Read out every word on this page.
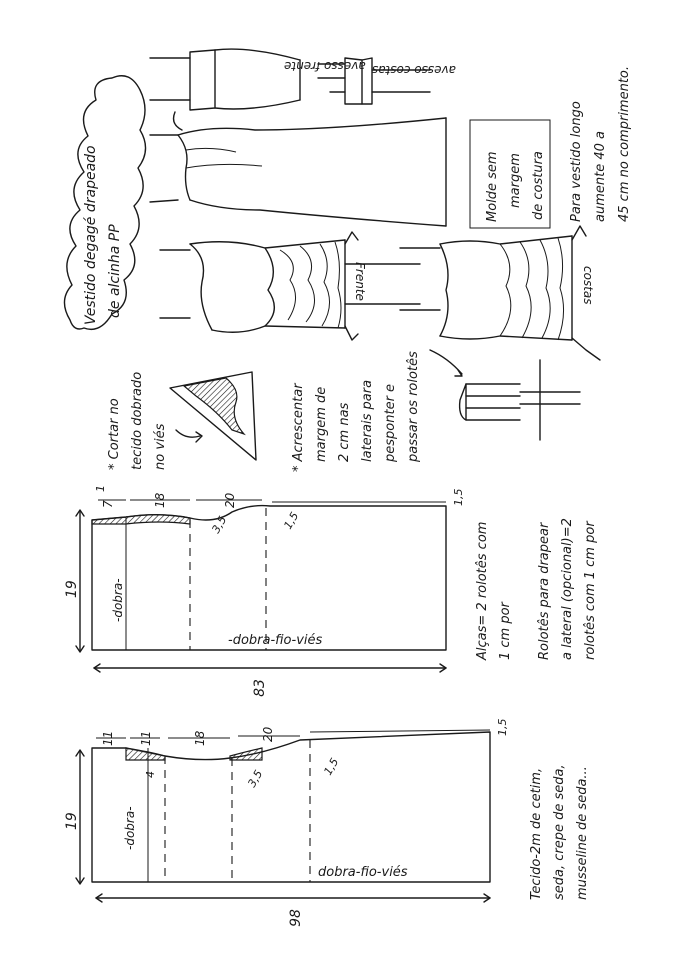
Vestido degagé drapeado de alcinha PP
avesso costas
avesso frente
Frente	costas
Molde sem margem de costura Para vestido longo aumente 40 a 45 cm no comprimento.
* Cortar no tecido dobrado no viés	* Acrescentar margem de 2 cm nas laterais para pesponter e passar os rolotês
19
83
1
7	18	20	1,5
3,5	1,5
-dobra-
-dobra-fio-viés	Alças= 2 rolotês com 1 cm por Rolotês para drapear a lateral (opcional)=2 rolotês com 1 cm por
19
98
11 11	18	20	1,5
4	3,5
1,5
-dobra-
dobra-fio-viés	Tecido-2m de cetim, seda, crepe de seda, musseline de seda...
